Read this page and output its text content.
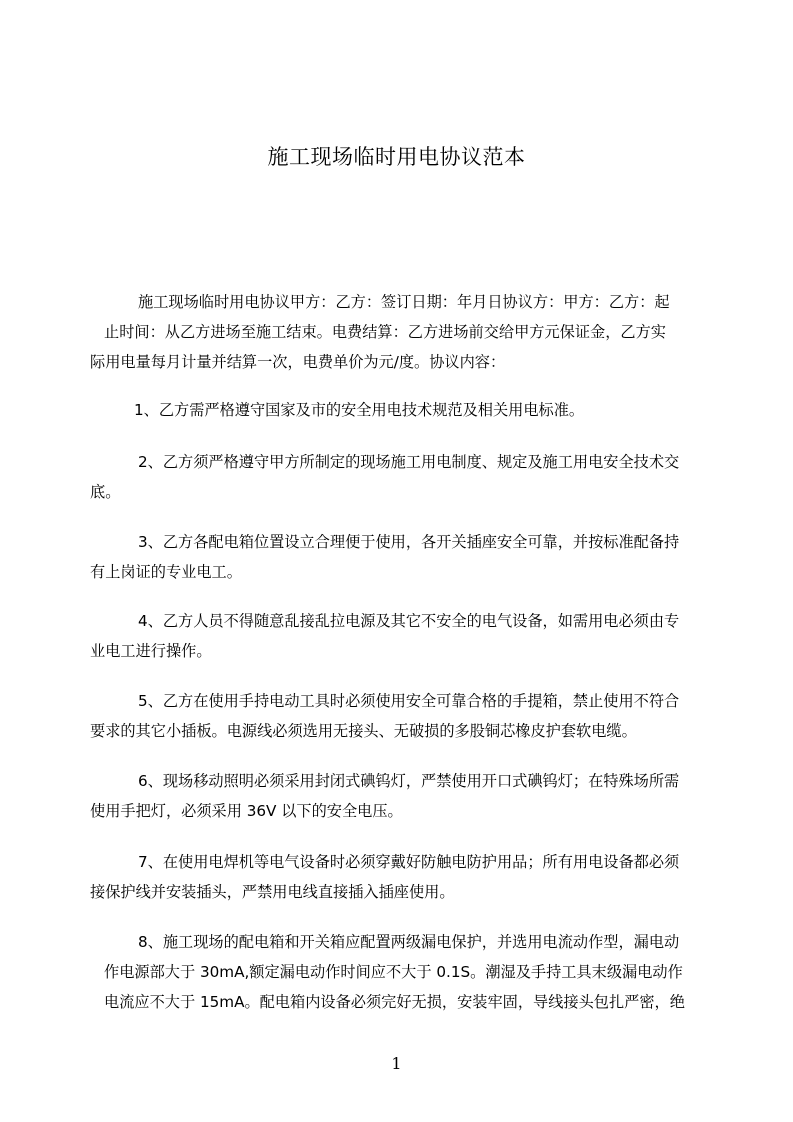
施工现场临时用电协议范本
施工现场临时用电协议甲方：乙方：签订日期：年月日协议方：甲方：乙方：起
止时间：从乙方进场至施工结束。电费结算：乙方进场前交给甲方元保证金，乙方实
际用电量每月计量并结算一次，电费单价为元/度。协议内容：
1、乙方需严格遵守国家及市的安全用电技术规范及相关用电标准。
2、乙方须严格遵守甲方所制定的现场施工用电制度、规定及施工用电安全技术交
底。
3、乙方各配电箱位置设立合理便于使用，各开关插座安全可靠，并按标准配备持
有上岗证的专业电工。
4、乙方人员不得随意乱接乱拉电源及其它不安全的电气设备，如需用电必须由专
业电工进行操作。
5、乙方在使用手持电动工具时必须使用安全可靠合格的手提箱，禁止使用不符合
要求的其它小插板。电源线必须选用无接头、无破损的多股铜芯橡皮护套软电缆。
6、现场移动照明必须采用封闭式碘钨灯，严禁使用开口式碘钨灯；在特殊场所需
使用手把灯，必须采用 36V 以下的安全电压。
7、在使用电焊机等电气设备时必须穿戴好防触电防护用品；所有用电设备都必须
接保护线并安装插头，严禁用电线直接插入插座使用。
8、施工现场的配电箱和开关箱应配置两级漏电保护，并选用电流动作型，漏电动
作电源部大于 30mA,额定漏电动作时间应不大于 0.1S。潮湿及手持工具末级漏电动作
电流应不大于 15mA。配电箱内设备必须完好无损，安装牢固，导线接头包扎严密，绝
1
